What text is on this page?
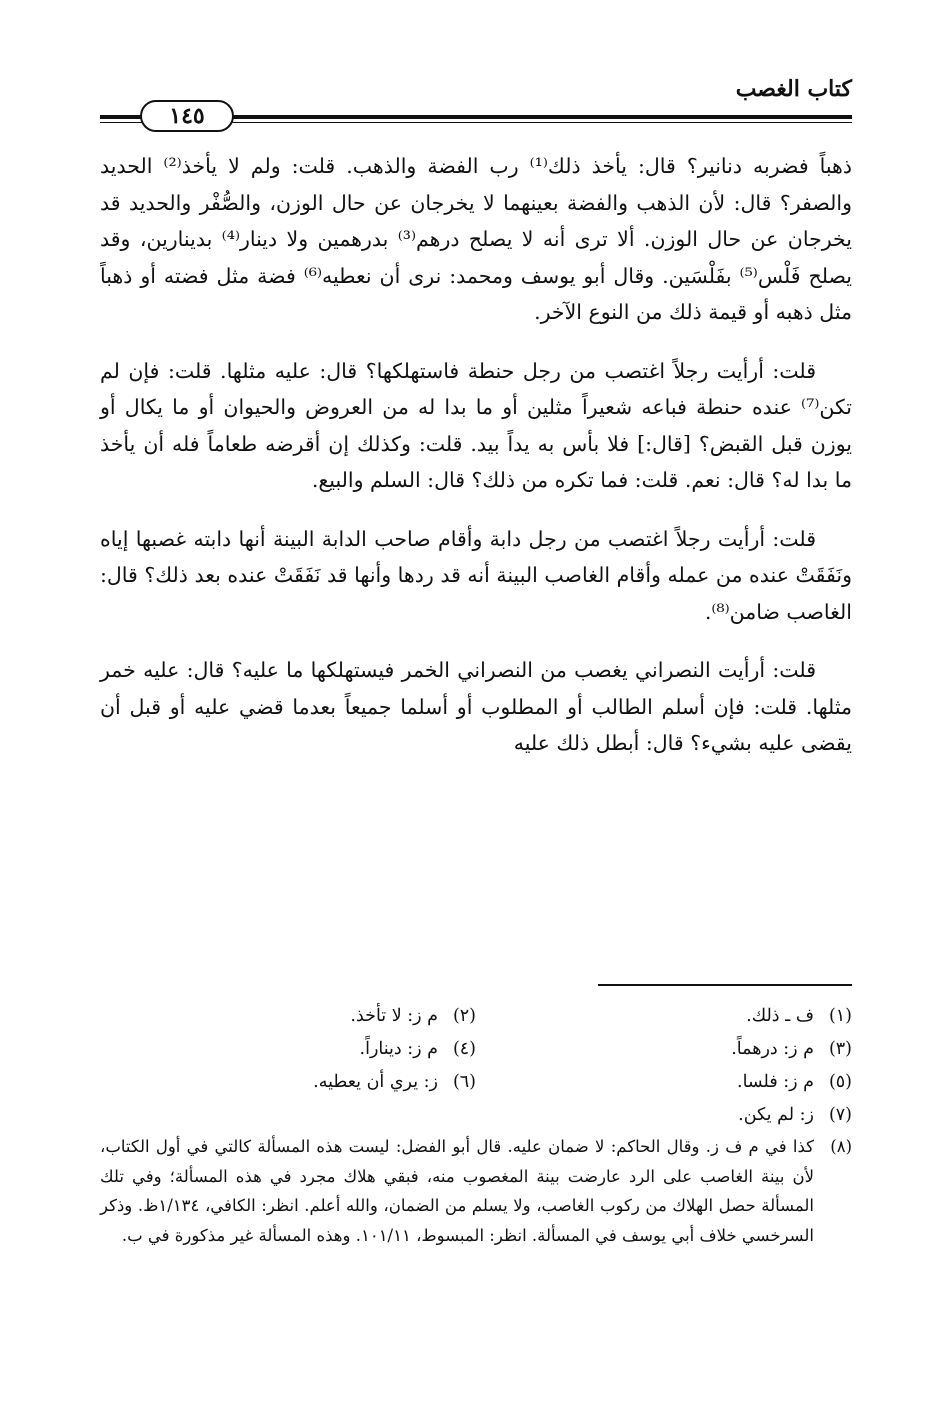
كتاب الغصب
١٤٥

ذهباً فضربه دنانير؟ قال: يأخذ ذلك⁽¹⁾ رب الفضة والذهب. قلت: ولم لا يأخذ⁽²⁾ الحديد والصفر؟ قال: لأن الذهب والفضة بعينهما لا يخرجان عن حال الوزن، والصُّفْر والحديد قد يخرجان عن حال الوزن. ألا ترى أنه لا يصلح درهم⁽³⁾ بدرهمين ولا دينار⁽⁴⁾ بدينارين، وقد يصلح فَلْس⁽⁵⁾ بفَلْسَين. وقال أبو يوسف ومحمد: نرى أن نعطيه⁽⁶⁾ فضة مثل فضته أو ذهباً مثل ذهبه أو قيمة ذلك من النوع الآخر.

قلت: أرأيت رجلاً اغتصب من رجل حنطة فاستهلكها؟ قال: عليه مثلها. قلت: فإن لم تكن⁽⁷⁾ عنده حنطة فباعه شعيراً مثلين أو ما بدا له من العروض والحيوان أو ما يكال أو يوزن قبل القبض؟ [قال:] فلا بأس به يداً بيد. قلت: وكذلك إن أقرضه طعاماً فله أن يأخذ ما بدا له؟ قال: نعم. قلت: فما تكره من ذلك؟ قال: السلم والبيع.

قلت: أرأيت رجلاً اغتصب من رجل دابة وأقام صاحب الدابة البينة أنها دابته غصبها إياه ونَفَقَتْ عنده من عمله وأقام الغاصب البينة أنه قد ردها وأنها قد نَفَقَتْ عنده بعد ذلك؟ قال: الغاصب ضامن⁽⁸⁾.

قلت: أرأيت النصراني يغصب من النصراني الخمر فيستهلكها ما عليه؟ قال: عليه خمر مثلها. قلت: فإن أسلم الطالب أو المطلوب أو أسلما جميعاً بعدما قضي عليه أو قبل أن يقضى عليه بشيء؟ قال: أبطل ذلك عليه

(١)
ف ـ ذلك.
(٢)
م ز: لا تأخذ.
(٣)
م ز: درهماً.
(٤)
م ز: ديناراً.
(٥)
م ز: فلسا.
(٦)
ز: يري أن يعطيه.
(٧)
ز: لم يكن.
(٨)
كذا في م ف ز. وقال الحاكم: لا ضمان عليه. قال أبو الفضل: ليست هذه المسألة كالتي في أول الكتاب، لأن بينة الغاصب على الرد عارضت بينة المغصوب منه، فبقي هلاك مجرد في هذه المسألة؛ وفي تلك المسألة حصل الهلاك من ركوب الغاصب، ولا يسلم من الضمان، والله أعلم. انظر: الكافي، ١/١٣٤ظ. وذكر السرخسي خلاف أبي يوسف في المسألة. انظر: المبسوط، ١٠١/١١. وهذه المسألة غير مذكورة في ب.
